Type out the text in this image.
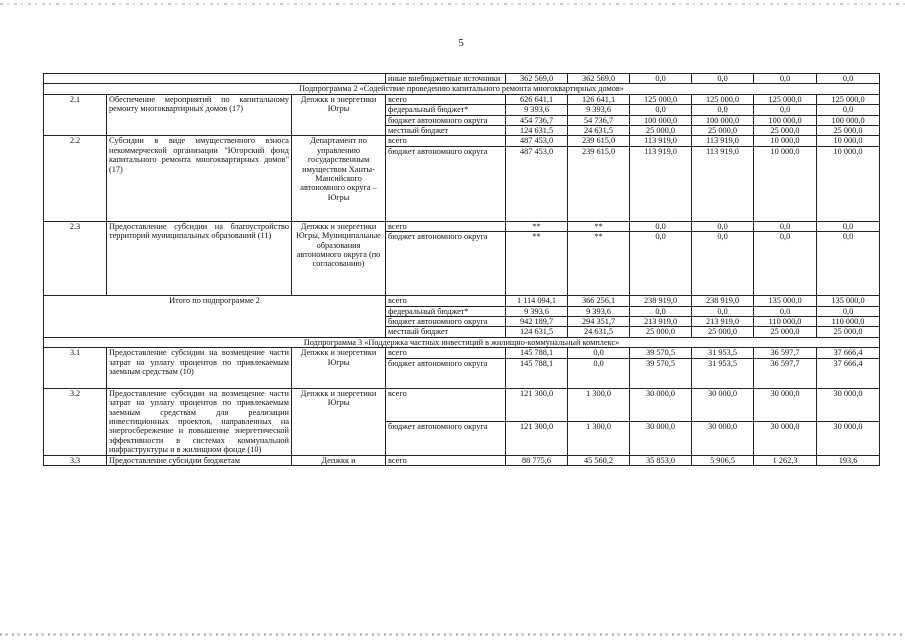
5
			иные внебюджетные источники	362 569,0	362 569,0	0,0	0,0	0,0	0,0
Подпрограмма 2 «Содействие проведению капитального ремонта многоквартирных домов»									
2.1	Обеспечение мероприятий по капитальному ремонту многоквартирных домов (17)	Депжкк и энергетики Югры	всего	626 641,1	126 641,1	125 000,0	125 000,0	125 000,0	125 000,0
			федеральный бюджет*	9 393,6	9 393,6	0,0	0,0	0,0	0,0
			бюджет автономного округа	454 736,7	54 736,7	100 000,0	100 000,0	100 000,0	100 000,0
			местный бюджет	124 631,5	24 631,5	25 000,0	25 000,0	25 000,0	25 000,0
2.2	Субсидии в виде имущественного взноса некоммерческой организации "Югорский фонд капитального ремонта многоквартирных домов" (17)	Департамент по управлению государственным имуществом Ханты-Мансийского автономного округа – Югры	всего	487 453,0	239 615,0	113 919,0	113 919,0	10 000,0	10 000,0
			бюджет автономного округа	487 453,0	239 615,0	113 919,0	113 919,0	10 000,0	10 000,0
2.3	Предоставление субсидии на благоустройство территорий муниципальных образований (11)	Депжкк и энергетики Югры, Муниципальные образования автономного округа (по согласованию)	всего	**	**	0,0	0,0	0,0	0,0
			бюджет автономного округа	**	**	0,0	0,0	0,0	0,0
Итого по подпрограмме 2			всего	1 114 094,1	366 256,1	238 919,0	238 919,0	135 000,0	135 000,0
			федеральный бюджет*	9 393,6	9 393,6	0,0	0,0	0,0	0,0
			бюджет автономного округа	942 189,7	294 351,7	213 919,0	213 919,0	110 000,0	110 000,0
			местный бюджет	124 631,5	24 631,5	25 000,0	25 000,0	25 000,0	25 000,0
Подпрограмма 3 «Поддержка частных инвестиций в жилищно-коммунальный комплекс»									
3.1	Предоставление субсидии на возмещение части затрат на уплату процентов по привлекаемым заемным средствам (10)	Депжкк и энергетики Югры	всего	145 788,1	0,0	39 570,5	31 953,5	36 597,7	37 666,4
			бюджет автономного округа	145 788,1	0,0	39 570,5	31 953,5	36 597,7	37 666,4
3.2	Предоставление субсидии на возмещение части затрат на уплату процентов по привлекаемым заемным средствам для реализации инвестиционных проектов, направленных на энергосбережение и повышение энергетической эффективности в системах коммунальной инфраструктуры и в жилищном фонде (10)	Депжкк и энергетики Югры	всего	121 300,0	1 300,0	30 000,0	30 000,0	30 000,0	30 000,0
			бюджет автономного округа	121 300,0	1 300,0	30 000,0	30 000,0	30 000,0	30 000,0
3.3	Предоставление субсидии бюджетам	Депжкк и	всего	88 775,6	45 560,2	35 853,0	5 906,5	1 262,3	193,6
